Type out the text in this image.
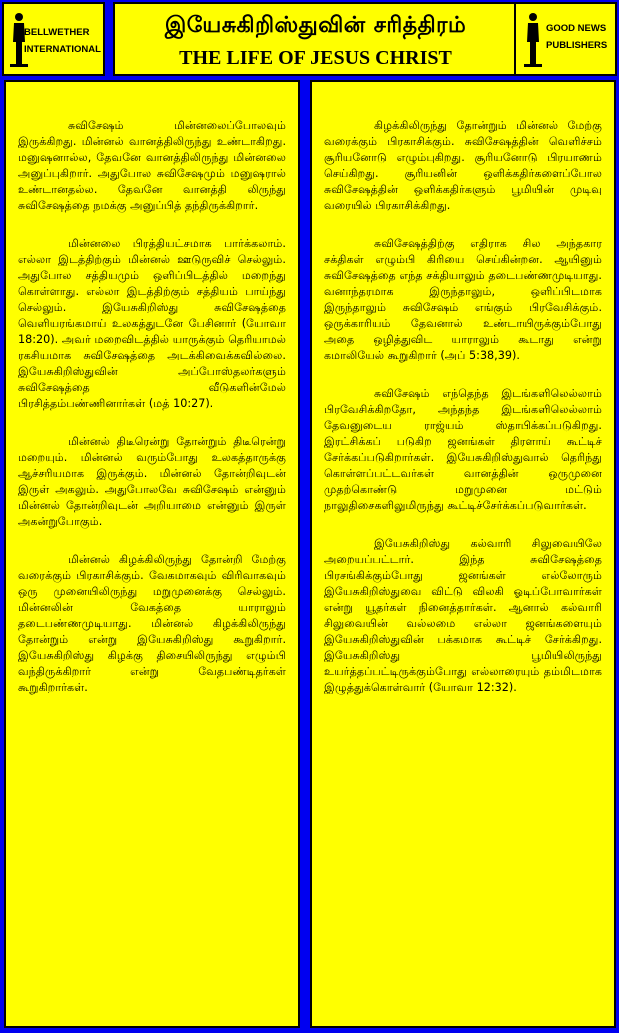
BELLWETHER
INTERNATIONAL
இயேசுகிறிஸ்துவின் சரித்திரம்
THE LIFE OF JESUS CHRIST
GOOD NEWS
PUBLISHERS

சுவிசேஷம் மின்னலைப்போலவும் இருக்கிறது. மின்னல் வானத்திலிருந்து உண்டாகிறது. மனுஷனால்ல, தேவனே வானத்திலிருந்து மின்னலை அனுப்புகிறார். அதுபோல சுவிசேஷமும் மனுஷரால் உண்டானதல்ல. தேவனே வானத்தி லிருந்து சுவிசேஷத்தை நமக்கு அனுப்பித் தந்திருக்கிறார்.

மின்னலை பிரத்தியட்சமாக பார்க்கலாம். எல்லா இடத்திற்கும் மின்னல் ஊடுருவிச் செல்லும். அதுபோல சத்தியமும் ஒளிப்பிடத்தில் மறைந்து கொள்ளாது. எல்லா இடத்திற்கும் சத்தியம் பாய்ந்து செல்லும். இயேசுகிறிஸ்து சுவிசேஷத்தை வெளியரங்கமாய் உலகத்துடனே பேசினார் (யோவா 18:20). அவர் மறைவிடத்தில் யாருக்கும் தெரியாமல் ரகசியமாக சுவிசேஷத்தை அடக்கிவைக்கவில்லை. இயேசுகிறிஸ்துவின் அப்போஸ்தலர்களும் சுவிசேஷத்தை வீடுகளின்மேல் பிரசித்தம்பண்ணினார்கள் (மத் 10:27).

மின்னல் திடீரென்று தோன்றும் திடீரென்று மறையும். மின்னல் வரும்போது உலகத்தாருக்கு ஆச்சரியமாக இருக்கும். மின்னல் தோன்றிவுடன் இருள் அகலும். அதுபோலவே சுவிசேஷம் என்னும் மின்னல் தோன்றிவுடன் அறியாமை என்னும் இருள் அகன்றுபோகும்.

மின்னல் கிழக்கிலிருந்து தோன்றி மேற்கு வரைக்கும் பிரகாசிக்கும். வேகமாகவும் விரிவாகவும் ஒரு முனையிலிருந்து மறுமுனைக்கு செல்லும். மின்னலின் வேகத்தை யாராலும் தடைபண்ணமுடியாது. மின்னல் கிழக்கிலிருந்து தோன்றும் என்று இயேசுகிறிஸ்து கூறுகிறார். இயேசுகிறிஸ்து கிழக்கு திசையிலிருந்து எழும்பி வந்திருக்கிறார் என்று வேதபண்டிதர்கள் கூறுகிறார்கள்.

கிழக்கிலிருந்து தோன்றும் மின்னல் மேற்கு வரைக்கும் பிரகாசிக்கும். சுவிசேஷத்தின் வெளிச்சம் சூரியனோடு எழும்புகிறது. சூரியனோடு பிரயாணம் செய்கிறது. சூரியனின் ஒளிக்கதிர்களைப்போல சுவிசேஷத்தின் ஒளிக்கதிர்களும் பூமியின் முடிவு வரையில் பிரகாசிக்கிறது.

சுவிசேஷத்திற்கு எதிராக சில அந்தகார சக்திகள் எழும்பி கிரியை செய்கின்றன. ஆயினும் சுவிசேஷத்தை எந்த சக்தியாலும் தடைபண்ணமுடியாது. வனாந்தரமாக இருந்தாலும், ஒளிப்பிடமாக இருந்தாலும் சுவிசேஷம் எங்கும் பிரவேசிக்கும். ஒருக்காரியம் தேவனால் உண்டாயிருக்கும்போது அதை ஒழித்துவிட யாராலும் கூடாது என்று கமாலியேல் கூறுகிறார் (அப் 5:38,39).

சுவிசேஷம் எந்தெந்த இடங்களிலெல்லாம் பிரவேசிக்கிறதோ, அந்தந்த இடங்களிலெல்லாம் தேவனுடைய ராஜ்யம் ஸ்தாபிக்கப்படுகிறது. இரட்சிக்கப் படுகிற ஜனங்கள் திரளாய் கூட்டிச் சேர்க்கப்படுகிறார்கள். இயேசுகிறிஸ்துவால் தெரிந்து கொள்ளப்பட்டவர்கள் வானத்தின் ஒருமுனை முதற்கொண்டு மறுமுனை மட்டும் நாலுதிசைகளிலுமிருந்து கூட்டிச்சேர்க்கப்படுவார்கள்.

இயேசுகிறிஸ்து கல்வாரி சிலுவையிலே அறையப்பட்டார். இந்த சுவிசேஷத்தை பிரசங்கிக்கும்போது ஜனங்கள் எல்லோரும் இயேசுகிறிஸ்துவை விட்டு விலகி ஓடிப்போவார்கள் என்று யூதர்கள் நினைத்தார்கள். ஆனால் கல்வாரி சிலுவையின் வல்லமை எல்லா ஜனங்களையும் இயேசுகிறிஸ்துவின் பக்கமாக கூட்டிச் சேர்க்கிறது. இயேசுகிறிஸ்து பூமியிலிருந்து உயர்த்தப்பட்டிருக்கும்போது எல்லாரையும் தம்மிடமாக இழுத்துக்கொள்வார் (யோவா 12:32).
